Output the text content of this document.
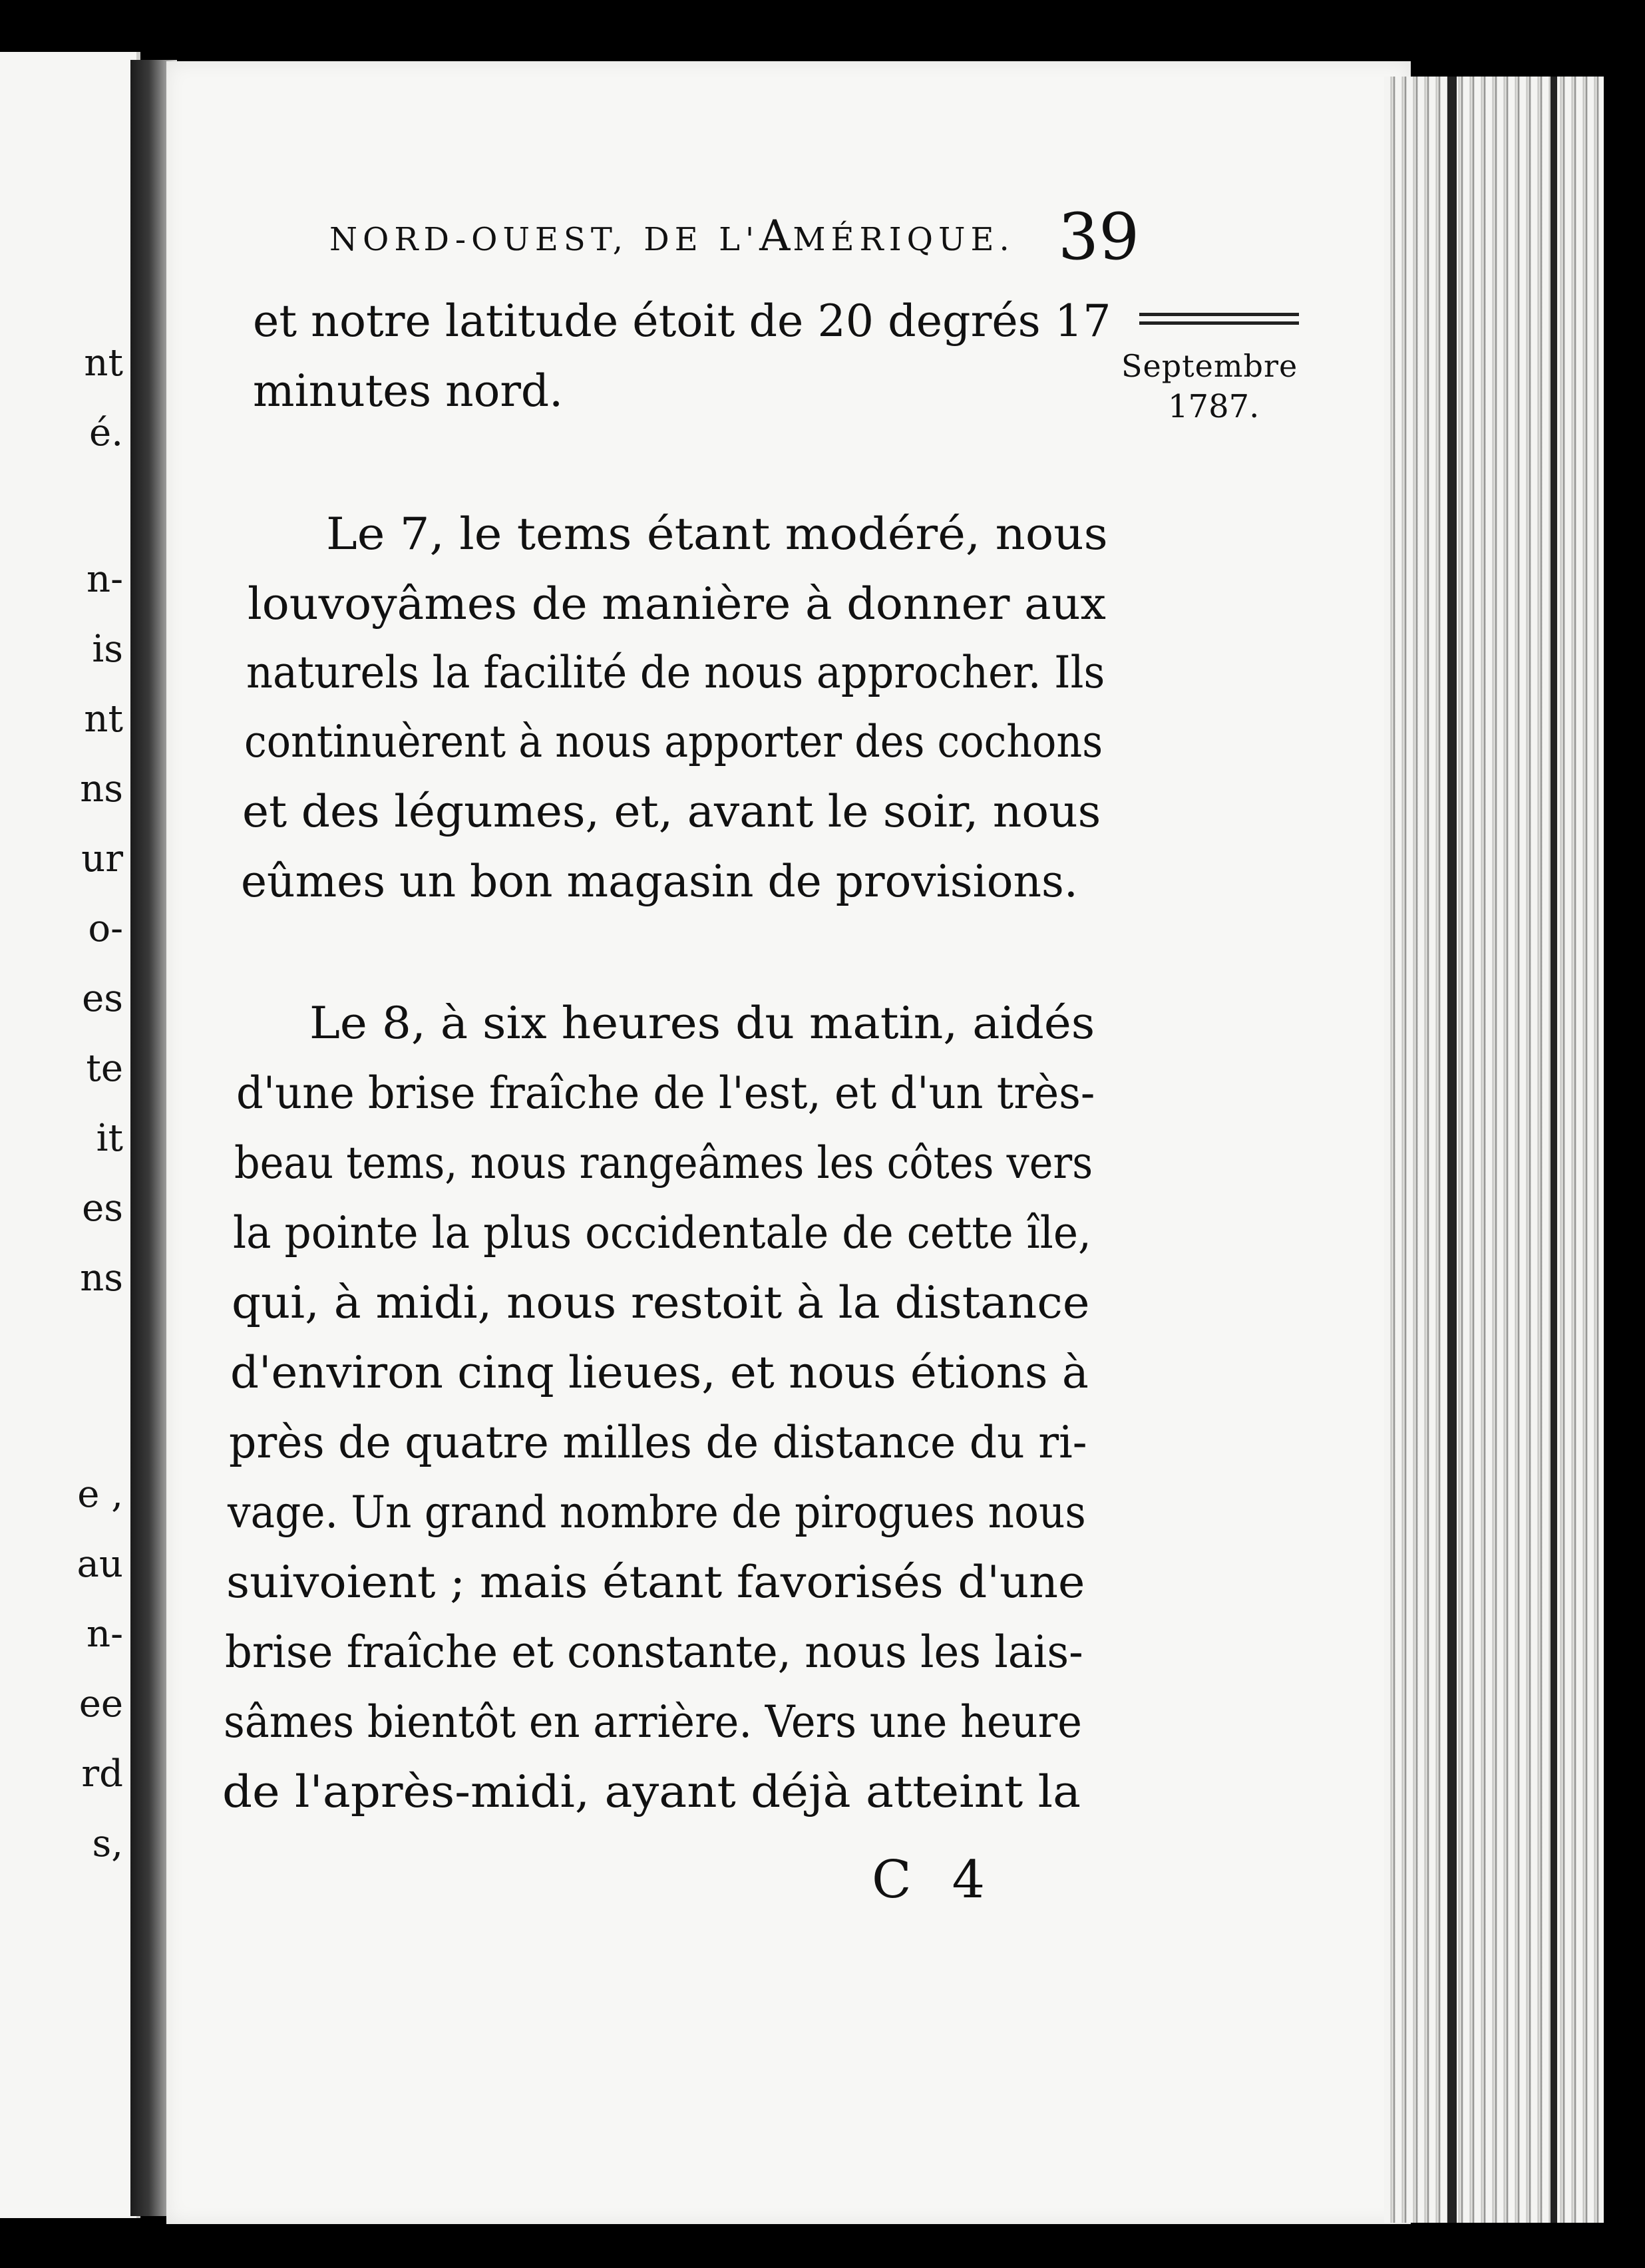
nt
é.
n-
is
nt
ns
ur
o-
es
te
it
es
ns
e ,
au
n-
ee
rd
s,
NORD-OUEST, DE L'AMÉRIQUE. 39
Septembre
1787.

et notre latitude étoit de 20 degrés 17

minutes nord.

Le 7, le tems étant modéré, nous

louvoyâmes de manière à donner aux

naturels la facilité de nous approcher. Ils

continuèrent à nous apporter des cochons

et des légumes, et, avant le soir, nous

eûmes un bon magasin de provisions.

Le 8, à six heures du matin, aidés

d'une brise fraîche de l'est, et d'un très-

beau tems, nous rangeâmes les côtes vers

la pointe la plus occidentale de cette île,

qui, à midi, nous restoit à la distance

d'environ cinq lieues, et nous étions à

près de quatre milles de distance du ri-

vage. Un grand nombre de pirogues nous

suivoient ; mais étant favorisés d'une

brise fraîche et constante, nous les lais-

sâmes bientôt en arrière. Vers une heure

de l'après-midi, ayant déjà atteint la

C 4
